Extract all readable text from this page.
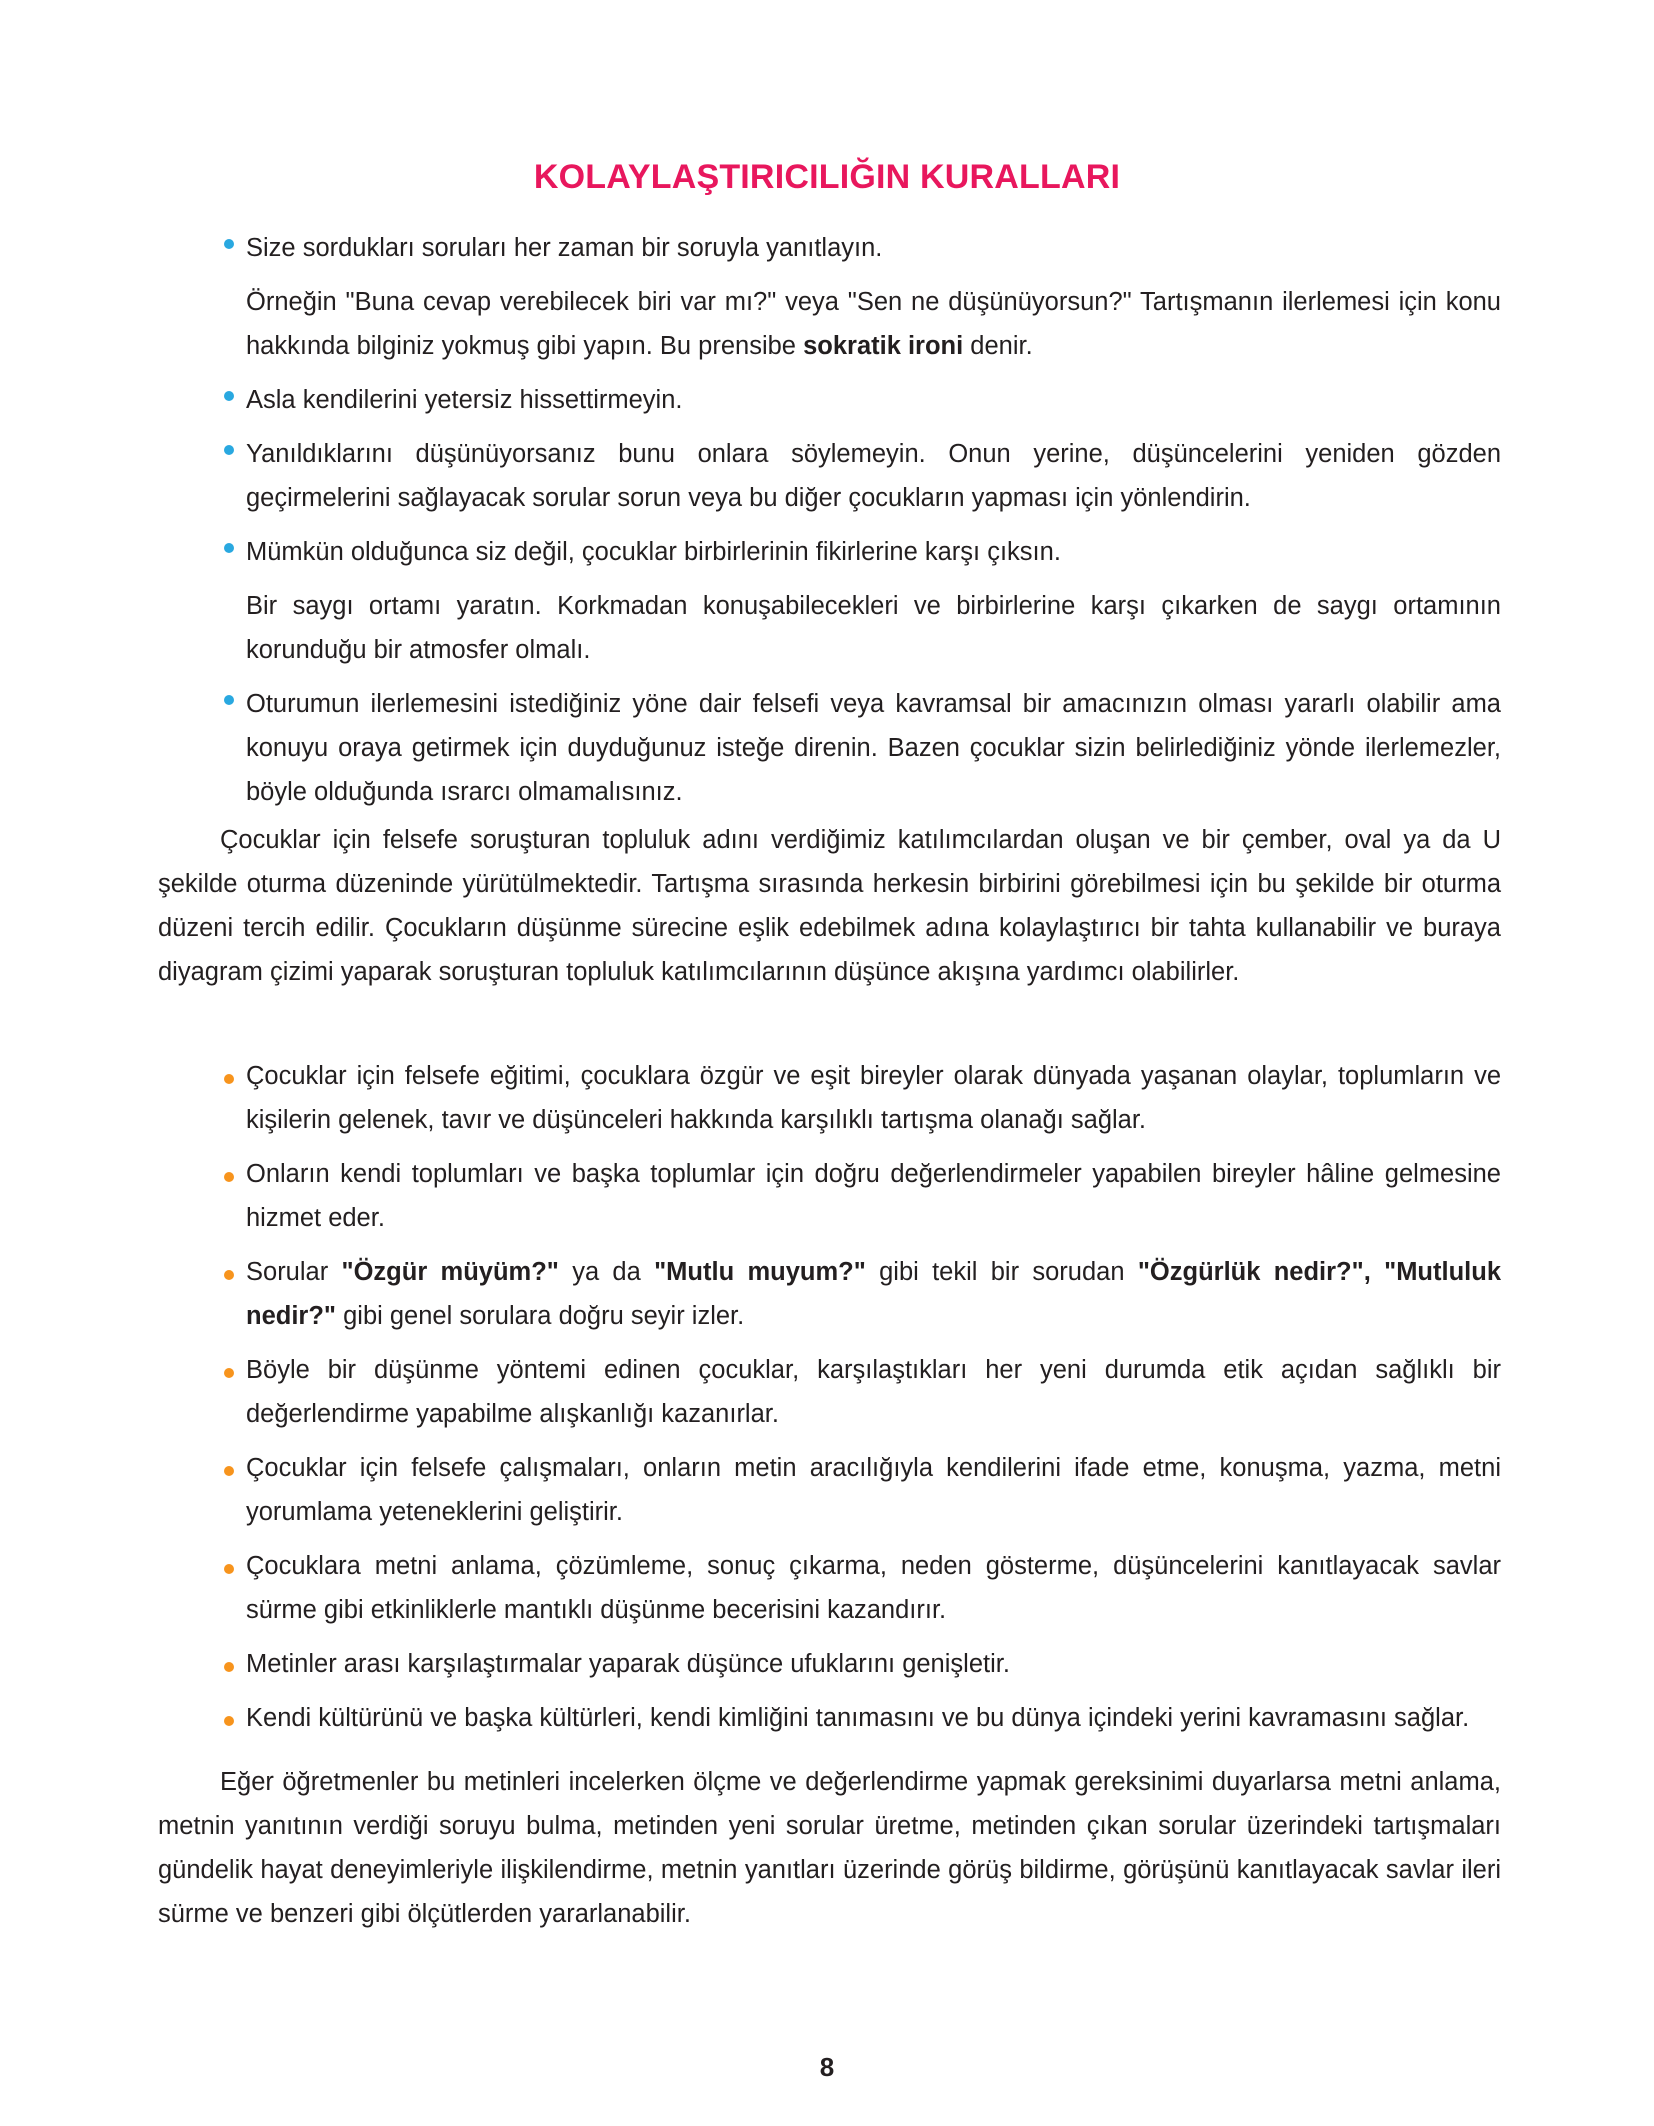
KOLAYLAŞTIRICILIĞIN KURALLARI
Size sordukları soruları her zaman bir soruyla yanıtlayın.
Örneğin "Buna cevap verebilecek biri var mı?" veya "Sen ne düşünüyorsun?" Tartışmanın ilerlemesi için konu hakkında bilginiz yokmuş gibi yapın. Bu prensibe sokratik ironi denir.
Asla kendilerini yetersiz hissettirmeyin.
Yanıldıklarını düşünüyorsanız bunu onlara söylemeyin. Onun yerine, düşüncelerini yeniden gözden geçirmelerini sağlayacak sorular sorun veya bu diğer çocukların yapması için yönlendirin.
Mümkün olduğunca siz değil, çocuklar birbirlerinin fikirlerine karşı çıksın.
Bir saygı ortamı yaratın. Korkmadan konuşabilecekleri ve birbirlerine karşı çıkarken de saygı ortamının korunduğu bir atmosfer olmalı.
Oturumun ilerlemesini istediğiniz yöne dair felsefi veya kavramsal bir amacınızın olması yararlı olabilir ama konuyu oraya getirmek için duyduğunuz isteğe direnin. Bazen çocuklar sizin belirlediğiniz yönde ilerlemezler, böyle olduğunda ısrarcı olmamalısınız.

Çocuklar için felsefe soruşturan topluluk adını verdiğimiz katılımcılardan oluşan ve bir çember, oval ya da U şekilde oturma düzeninde yürütülmektedir. Tartışma sırasında herkesin birbirini görebilmesi için bu şekilde bir oturma düzeni tercih edilir. Çocukların düşünme sürecine eşlik edebilmek adına kolaylaştırıcı bir tahta kullanabilir ve buraya diyagram çizimi yaparak soruşturan topluluk katılımcılarının düşünce akışına yardımcı olabilirler.

Çocuklar için felsefe eğitimi, çocuklara özgür ve eşit bireyler olarak dünyada yaşanan olaylar, toplumların ve kişilerin gelenek, tavır ve düşünceleri hakkında karşılıklı tartışma olanağı sağlar.
Onların kendi toplumları ve başka toplumlar için doğru değerlendirmeler yapabilen bireyler hâline gelmesine hizmet eder.
Sorular "Özgür müyüm?" ya da "Mutlu muyum?" gibi tekil bir sorudan "Özgürlük nedir?", "Mutluluk nedir?" gibi genel sorulara doğru seyir izler.
Böyle bir düşünme yöntemi edinen çocuklar, karşılaştıkları her yeni durumda etik açıdan sağlıklı bir değerlendirme yapabilme alışkanlığı kazanırlar.
Çocuklar için felsefe çalışmaları, onların metin aracılığıyla kendilerini ifade etme, konuşma, yazma, metni yorumlama yeteneklerini geliştirir.
Çocuklara metni anlama, çözümleme, sonuç çıkarma, neden gösterme, düşüncelerini kanıtlayacak savlar sürme gibi etkinliklerle mantıklı düşünme becerisini kazandırır.
Metinler arası karşılaştırmalar yaparak düşünce ufuklarını genişletir.
Kendi kültürünü ve başka kültürleri, kendi kimliğini tanımasını ve bu dünya içindeki yerini kavramasını sağlar.

Eğer öğretmenler bu metinleri incelerken ölçme ve değerlendirme yapmak gereksinimi duyarlarsa metni anlama, metnin yanıtının verdiği soruyu bulma, metinden yeni sorular üretme, metinden çıkan sorular üzerindeki tartışmaları gündelik hayat deneyimleriyle ilişkilendirme, metnin yanıtları üzerinde görüş bildirme, görüşünü kanıtlayacak savlar ileri sürme ve benzeri gibi ölçütlerden yararlanabilir.

8
